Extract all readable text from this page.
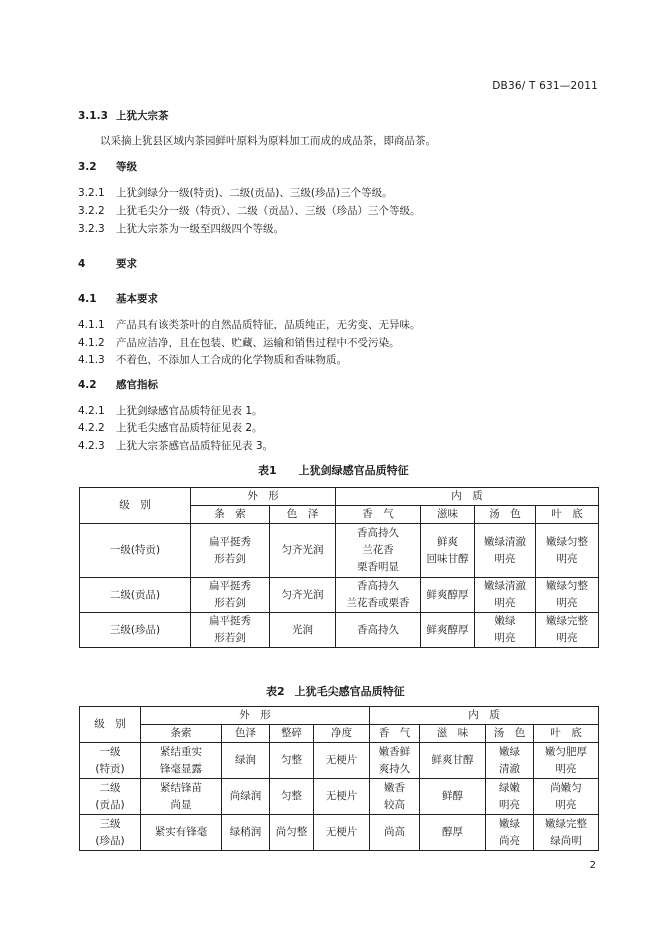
DB36/ T 631—2011
3.1.3 上犹大宗茶
以采摘上犹县区域内茶园鲜叶原料为原料加工而成的成品茶，即商品茶。
3.2 等级
3.2.1 上犹剑绿分一级(特贡)、二级(贡品)、三级(珍品)三个等级。
3.2.2 上犹毛尖分一级（特贡）、二级（贡品）、三级（珍品）三个等级。
3.2.3 上犹大宗茶为一级至四级四个等级。
4	要求
4.1 基本要求
4.1.1 产品具有该类茶叶的自然品质特征，品质纯正，无劣变、无异味。
4.1.2 产品应洁净，且在包装、贮藏、运输和销售过程中不受污染。
4.1.3 不着色，不添加人工合成的化学物质和香味物质。
4.2 感官指标
4.2.1 上犹剑绿感官品质特征见表 1。
4.2.2 上犹毛尖感官品质特征见表 2。
4.2.3 上犹大宗茶感官品质特征见表 3。
表1 上犹剑绿感官品质特征
级　别	外　形		内　质			
	条　索	色　泽	香　气	滋味	汤　色	叶　底
一级(特贡)	扁平挺秀
形若剑	匀齐光润	香高持久
兰花香
栗香明显	鲜爽
回味甘醇	嫩绿清澈
明亮	嫩绿匀整
明亮
二级(贡品)	扁平挺秀
形若剑	匀齐光润	香高持久
兰花香或栗香	鲜爽醇厚	嫩绿清澈
明亮	嫩绿匀整
明亮
三级(珍品)	扁平挺秀
形若剑	光润	香高持久	鲜爽醇厚	嫩绿
明亮	嫩绿完整
明亮
表2 上犹毛尖感官品质特征
级　别	外　形				内　质			
	条索	色泽	整碎	净度	香　气	滋　味	汤　色	叶　底
一级
(特贡)	紧结重实
锋毫显露	绿润	匀整	无梗片	嫩香鲜
爽持久	鲜爽甘醇	嫩绿
清澈	嫩匀肥厚
明亮
二级
(贡品)	紧结锋苗
尚显	尚绿润	匀整	无梗片	嫩香
较高	鲜醇	绿嫩
明亮	尚嫩匀
明亮
三级
(珍品)	紧实有锋毫	绿稍润	尚匀整	无梗片	尚高	醇厚	嫩绿
尚亮	嫩绿完整
绿尚明
2
